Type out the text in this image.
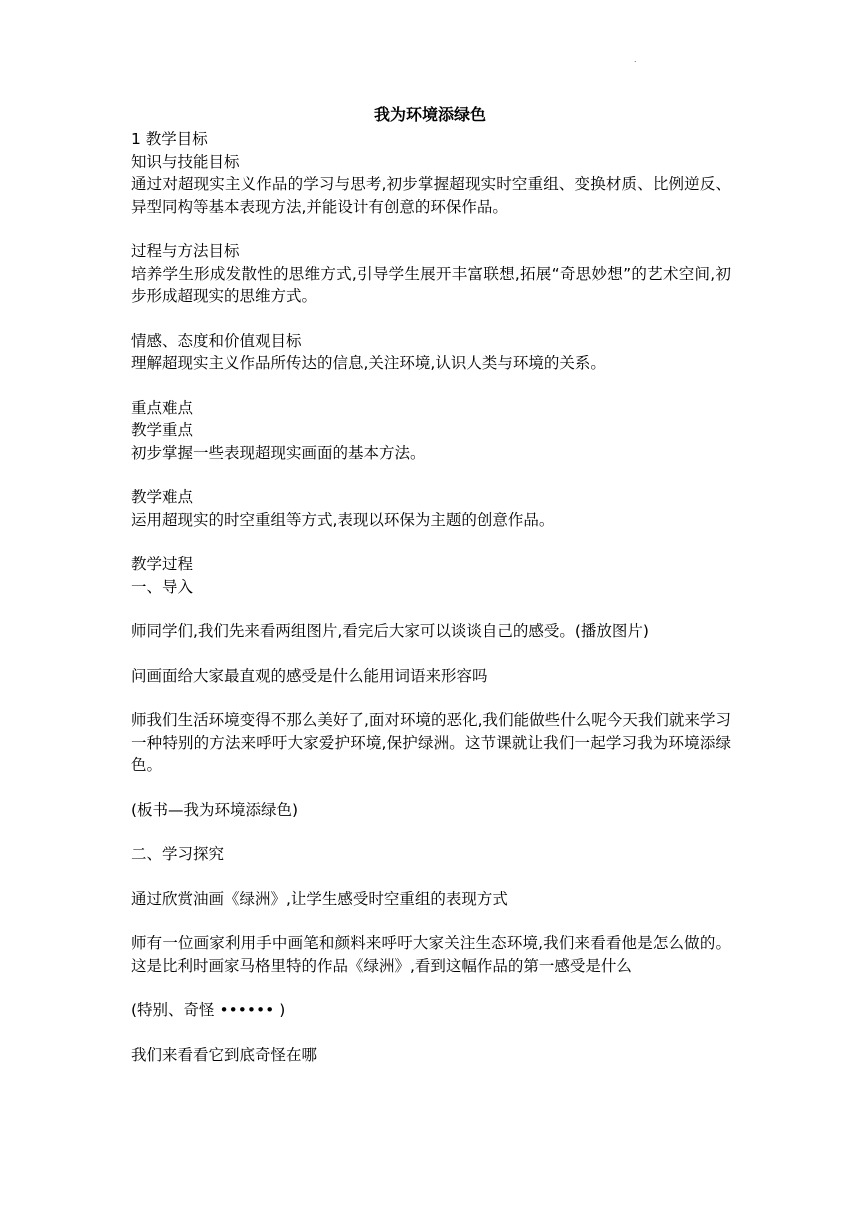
.
我为环境添绿色

1 教学目标

知识与技能目标

通过对超现实主义作品的学习与思考,初步掌握超现实时空重组、变换材质、比例逆反、异型同构等基本表现方法,并能设计有创意的环保作品。

过程与方法目标

培养学生形成发散性的思维方式,引导学生展开丰富联想,拓展“奇思妙想”的艺术空间,初步形成超现实的思维方式。

情感、态度和价值观目标

理解超现实主义作品所传达的信息,关注环境,认识人类与环境的关系。

重点难点

教学重点

初步掌握一些表现超现实画面的基本方法。

教学难点

运用超现实的时空重组等方式,表现以环保为主题的创意作品。

教学过程

一、导入

师同学们,我们先来看两组图片,看完后大家可以谈谈自己的感受。(播放图片)

问画面给大家最直观的感受是什么能用词语来形容吗

师我们生活环境变得不那么美好了,面对环境的恶化,我们能做些什么呢今天我们就来学习一种特别的方法来呼吁大家爱护环境,保护绿洲。这节课就让我们一起学习我为环境添绿色。

(板书—我为环境添绿色)

二、学习探究

通过欣赏油画《绿洲》,让学生感受时空重组的表现方式

师有一位画家利用手中画笔和颜料来呼吁大家关注生态环境,我们来看看他是怎么做的。这是比利时画家马格里特的作品《绿洲》,看到这幅作品的第一感受是什么

(特别、奇怪 •••••• )

我们来看看它到底奇怪在哪
